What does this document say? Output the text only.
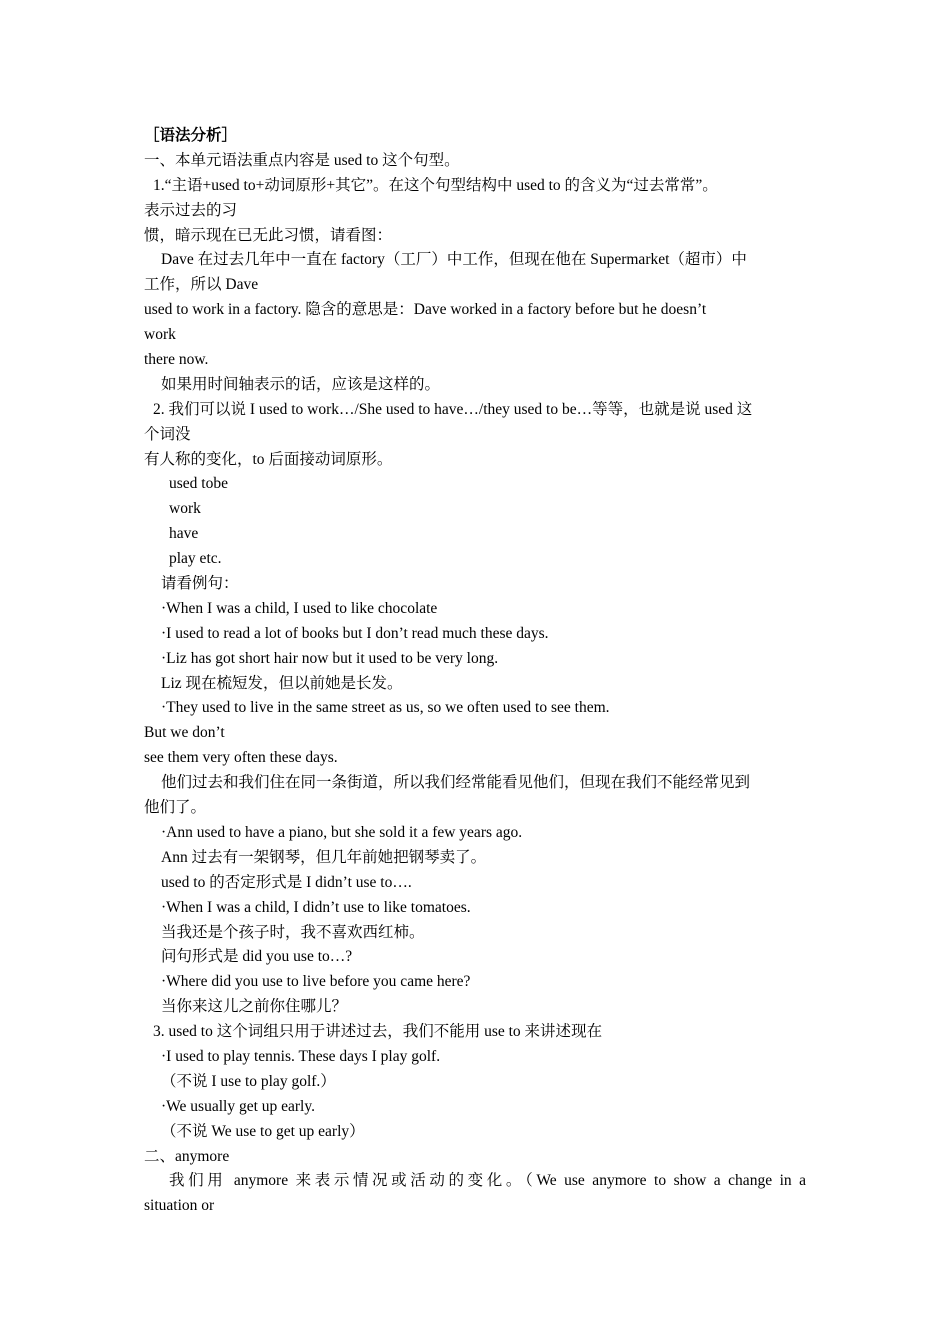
［语法分析］
一、本单元语法重点内容是 used to 这个句型。
1.“主语+used to+动词原形+其它”。在这个句型结构中 used to 的含义为“过去常常”。
表示过去的习
惯，暗示现在已无此习惯，请看图：
Dave 在过去几年中一直在 factory（工厂）中工作，但现在他在 Supermarket（超市）中
工作，所以 Dave
used to work in a factory. 隐含的意思是：Dave worked in a factory before but he doesn’t
work
there now.
如果用时间轴表示的话，应该是这样的。
2. 我们可以说 I used to work…/She used to have…/they used to be…等等，也就是说 used 这
个词没
有人称的变化，to 后面接动词原形。
used tobe
work
have
play etc.
请看例句：
·When I was a child, I used to like chocolate
·I used to read a lot of books but I don’t read much these days.
·Liz has got short hair now but it used to be very long.
Liz 现在梳短发，但以前她是长发。
·They used to live in the same street as us, so we often used to see them.
But we don’t
see them very often these days.
他们过去和我们住在同一条街道，所以我们经常能看见他们，但现在我们不能经常见到
他们了。
·Ann used to have a piano, but she sold it a few years ago.
Ann 过去有一架钢琴，但几年前她把钢琴卖了。
used to 的否定形式是 I didn’t use to….
·When I was a child, I didn’t use to like tomatoes.
当我还是个孩子时，我不喜欢西红柿。
问句形式是 did you use to…?
·Where did you use to live before you came here?
当你来这儿之前你住哪儿？
3. used to 这个词组只用于讲述过去，我们不能用 use to 来讲述现在
·I used to play tennis. These days I play golf.
（不说 I use to play golf.）
·We usually get up early.
（不说 We use to get up early）
二、anymore
我们用 anymore 来表示情况或活动的变化。（We use anymore to show a change in a
situation or
